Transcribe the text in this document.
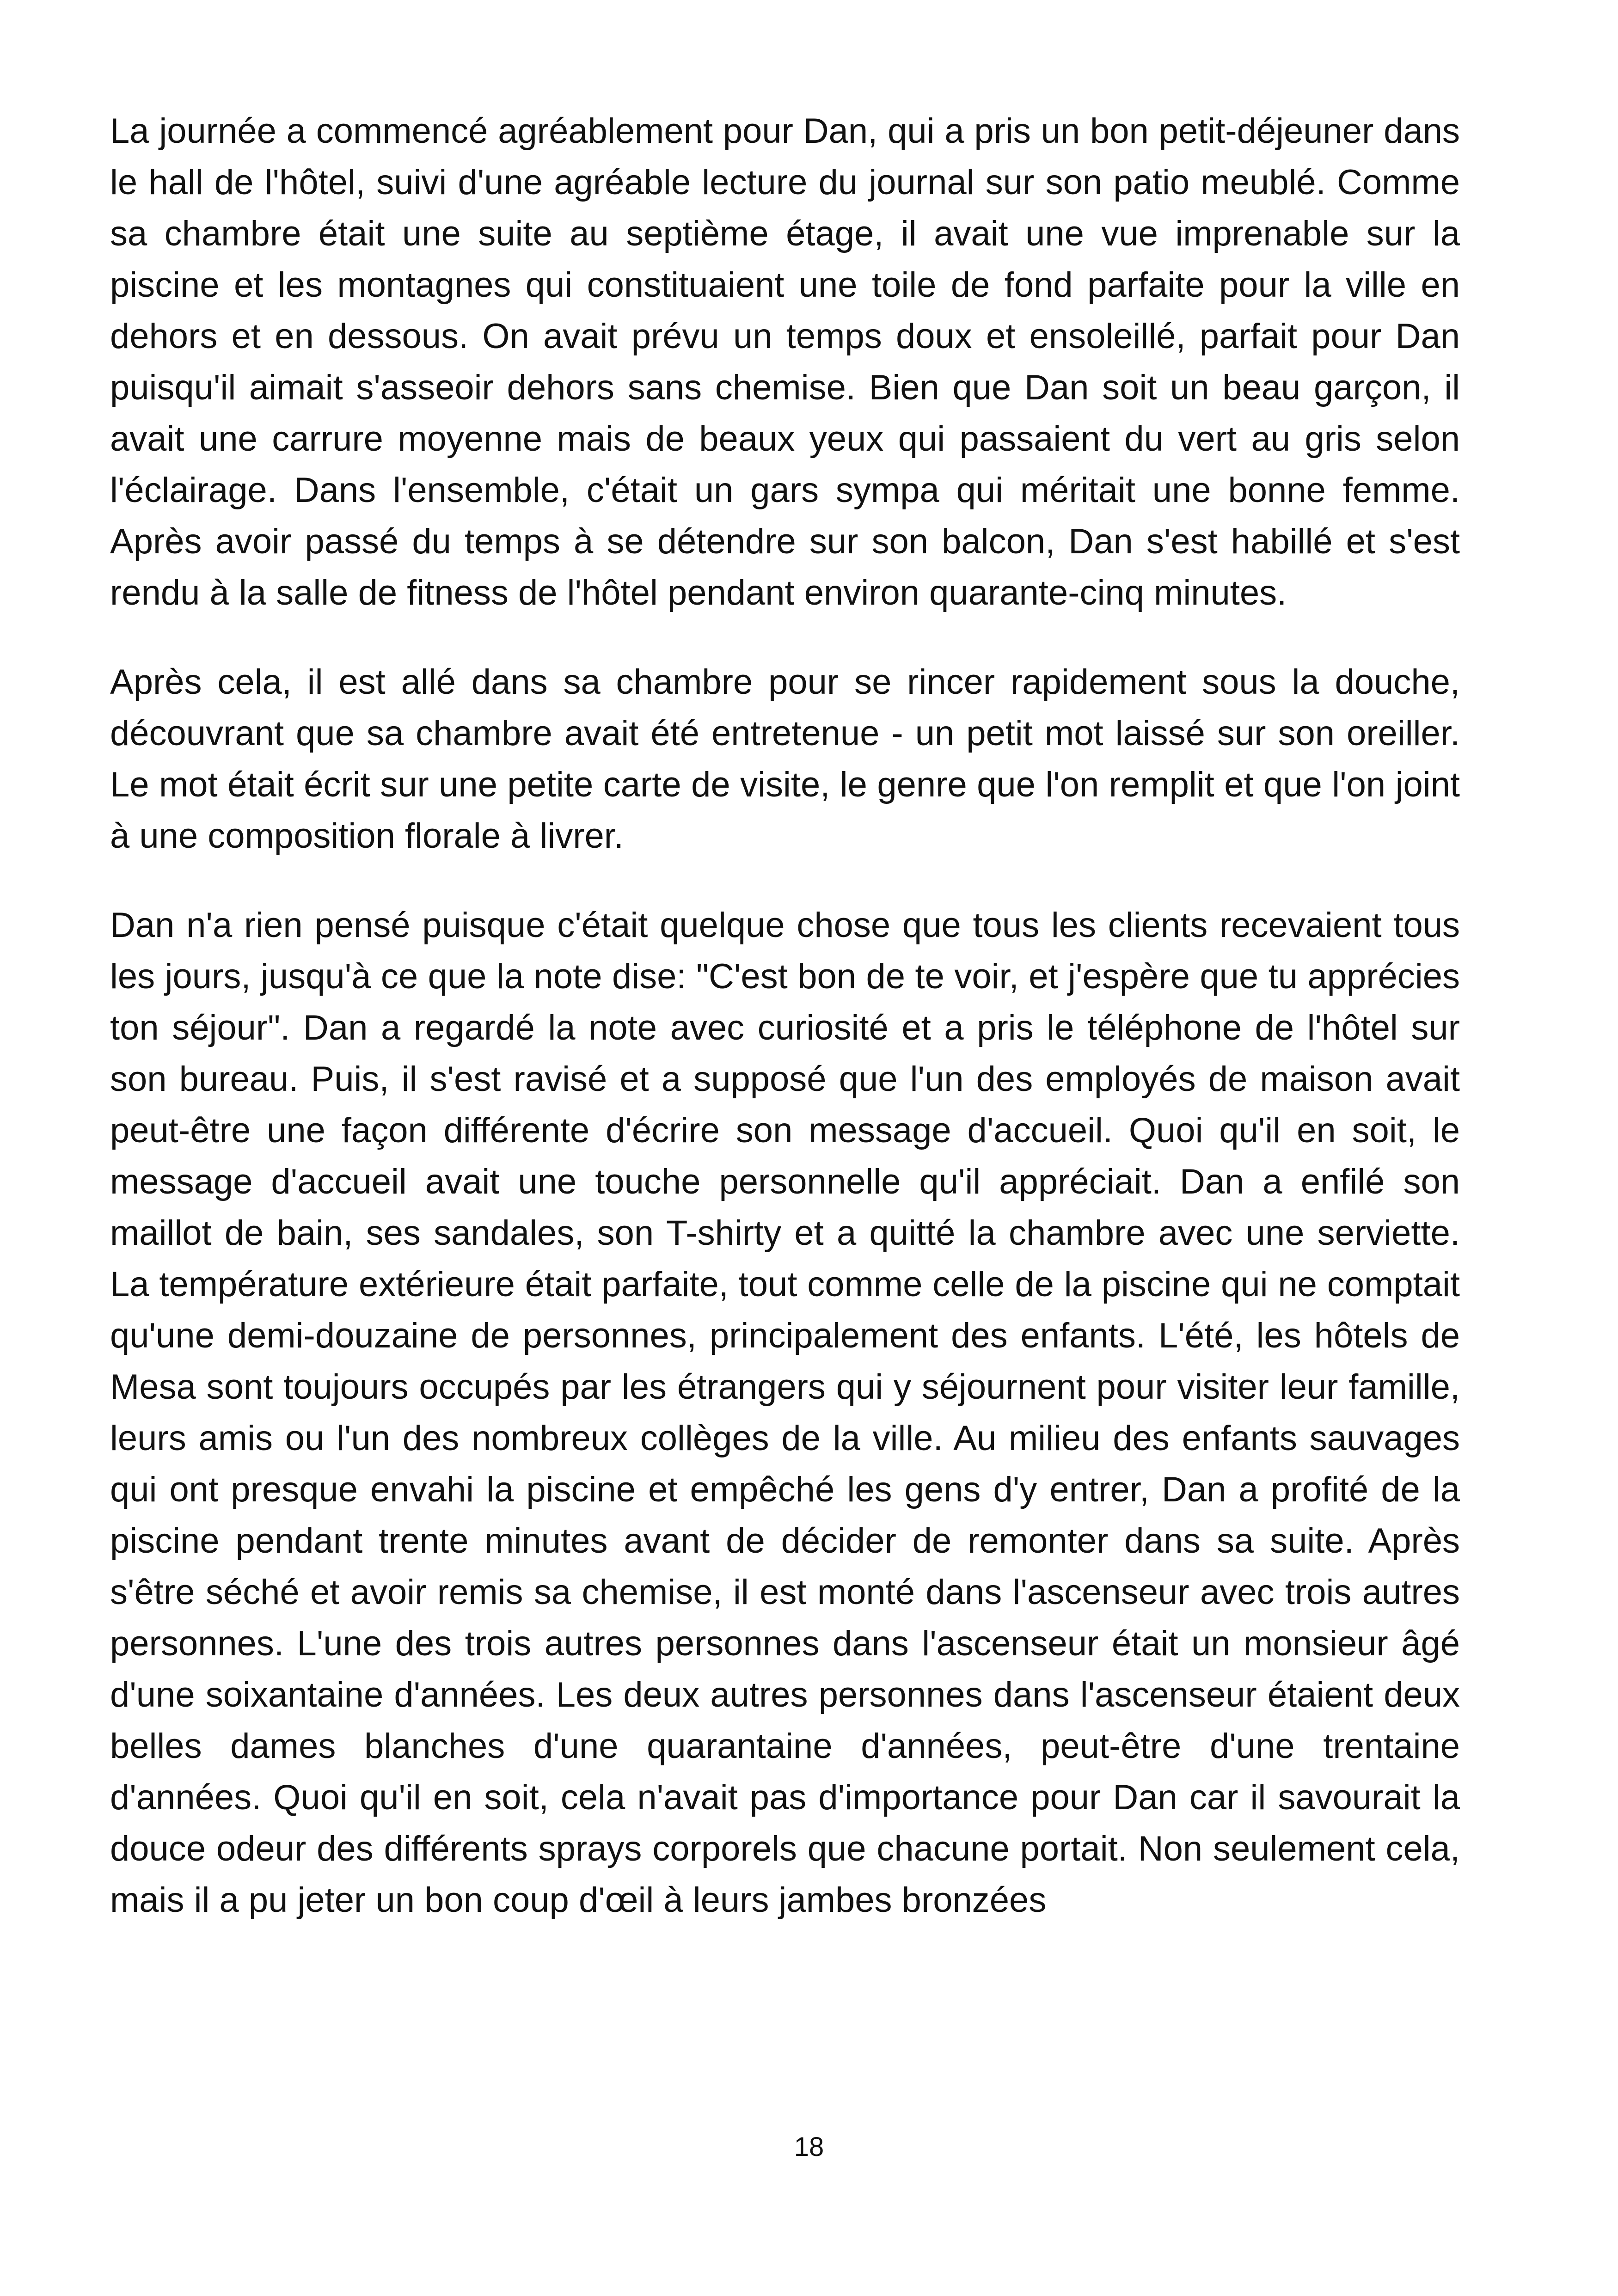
La journée a commencé agréablement pour Dan, qui a pris un bon petit-déjeuner dans le hall de l'hôtel, suivi d'une agréable lecture du journal sur son patio meublé. Comme sa chambre était une suite au septième étage, il avait une vue imprenable sur la piscine et les montagnes qui constituaient une toile de fond parfaite pour la ville en dehors et en dessous. On avait prévu un temps doux et ensoleillé, parfait pour Dan puisqu'il aimait s'asseoir dehors sans chemise. Bien que Dan soit un beau garçon, il avait une carrure moyenne mais de beaux yeux qui passaient du vert au gris selon l'éclairage. Dans l'ensemble, c'était un gars sympa qui méritait une bonne femme. Après avoir passé du temps à se détendre sur son balcon, Dan s'est habillé et s'est rendu à la salle de fitness de l'hôtel pendant environ quarante-cinq minutes.

Après cela, il est allé dans sa chambre pour se rincer rapidement sous la douche, découvrant que sa chambre avait été entretenue - un petit mot laissé sur son oreiller. Le mot était écrit sur une petite carte de visite, le genre que l'on remplit et que l'on joint à une composition florale à livrer.

Dan n'a rien pensé puisque c'était quelque chose que tous les clients recevaient tous les jours, jusqu'à ce que la note dise: "C'est bon de te voir, et j'espère que tu apprécies ton séjour". Dan a regardé la note avec curiosité et a pris le téléphone de l'hôtel sur son bureau. Puis, il s'est ravisé et a supposé que l'un des employés de maison avait peut-être une façon différente d'écrire son message d'accueil. Quoi qu'il en soit, le message d'accueil avait une touche personnelle qu'il appréciait. Dan a enfilé son maillot de bain, ses sandales, son T-shirty et a quitté la chambre avec une serviette. La température extérieure était parfaite, tout comme celle de la piscine qui ne comptait qu'une demi-douzaine de personnes, principalement des enfants. L'été, les hôtels de Mesa sont toujours occupés par les étrangers qui y séjournent pour visiter leur famille, leurs amis ou l'un des nombreux collèges de la ville. Au milieu des enfants sauvages qui ont presque envahi la piscine et empêché les gens d'y entrer, Dan a profité de la piscine pendant trente minutes avant de décider de remonter dans sa suite. Après s'être séché et avoir remis sa chemise, il est monté dans l'ascenseur avec trois autres personnes. L'une des trois autres personnes dans l'ascenseur était un monsieur âgé d'une soixantaine d'années. Les deux autres personnes dans l'ascenseur étaient deux belles dames blanches d'une quarantaine d'années, peut-être d'une trentaine d'années. Quoi qu'il en soit, cela n'avait pas d'importance pour Dan car il savourait la douce odeur des différents sprays corporels que chacune portait. Non seulement cela, mais il a pu jeter un bon coup d'œil à leurs jambes bronzées

18
